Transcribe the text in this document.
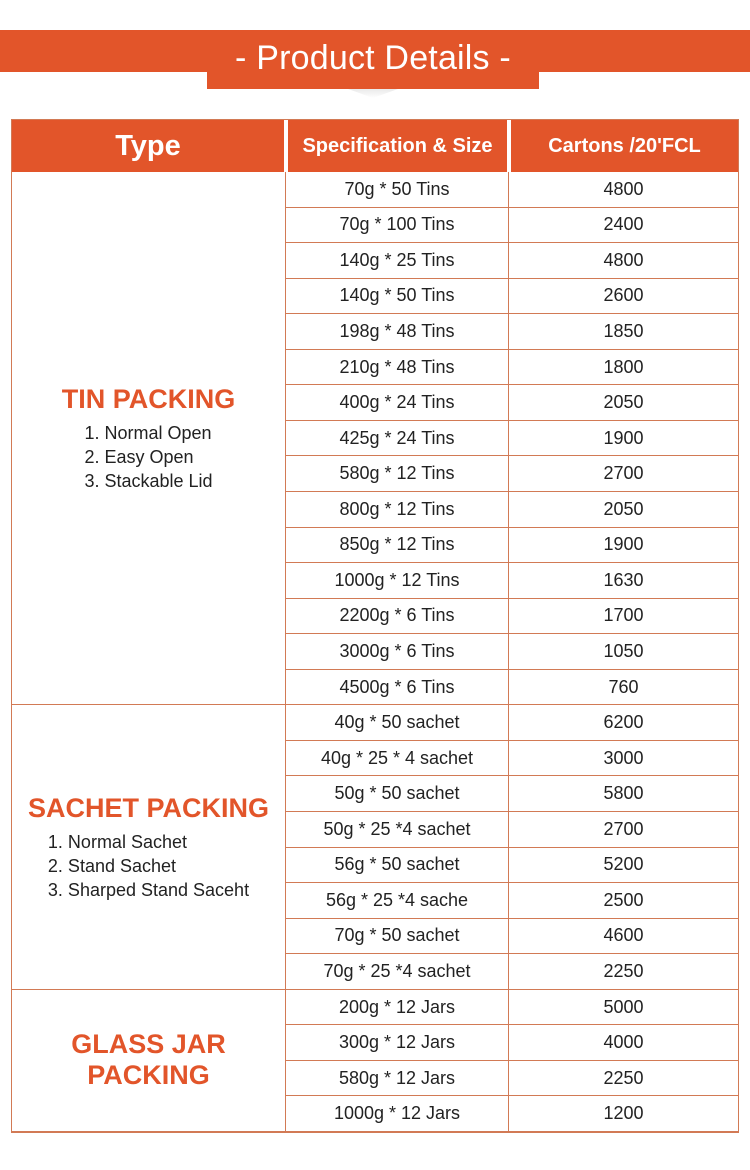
- Product Details -
Type	Specification & Size	Cartons /20'FCL
TIN PACKING
1. Normal Open
2. Easy Open
3. Stackable Lid
70g * 50 Tins	4800
70g * 100 Tins	2400
140g * 25 Tins	4800
140g * 50 Tins	2600
198g * 48 Tins	1850
210g * 48 Tins	1800
400g * 24 Tins	2050
425g * 24 Tins	1900
580g * 12 Tins	2700
800g * 12 Tins	2050
850g * 12 Tins	1900
1000g * 12 Tins	1630
2200g * 6 Tins	1700
3000g * 6 Tins	1050
4500g * 6 Tins	760
SACHET PACKING
1. Normal Sachet
2. Stand Sachet
3. Sharped Stand Saceht
40g * 50 sachet	6200
40g * 25 * 4 sachet	3000
50g * 50 sachet	5800
50g * 25 *4 sachet	2700
56g * 50 sachet	5200
56g * 25 *4 sache	2500
70g * 50 sachet	4600
70g * 25 *4 sachet	2250
GLASS JAR PACKING
200g * 12 Jars	5000
300g * 12 Jars	4000
580g * 12 Jars	2250
1000g * 12 Jars	1200
